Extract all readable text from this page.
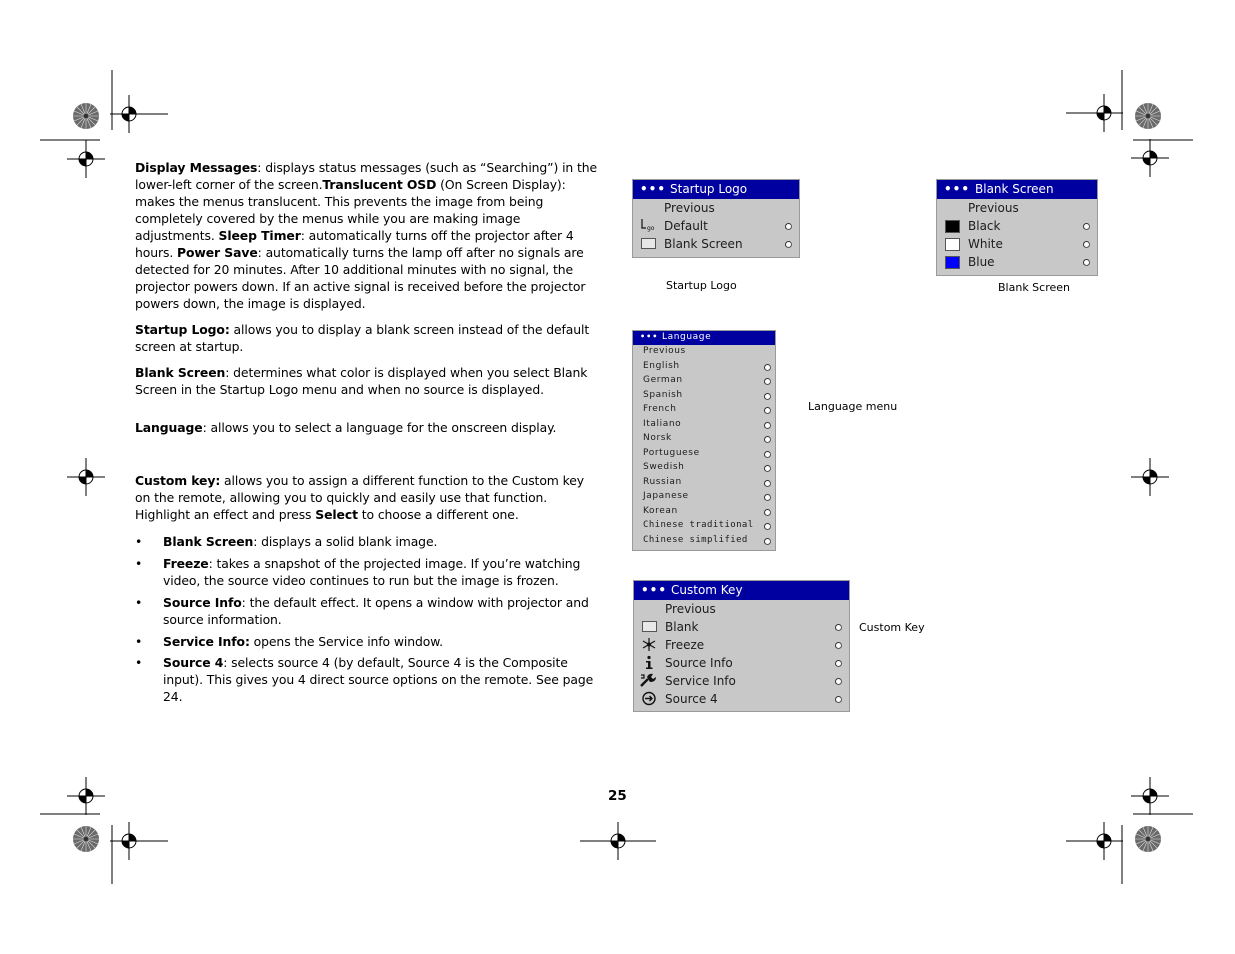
Display Messages: displays status messages (such as “Searching”) in the lower-left corner of the screen.Translucent OSD (On Screen Display): makes the menus translucent. This prevents the image from being completely covered by the menus while you are making image adjustments. Sleep Timer: automatically turns off the projector after 4 hours. Power Save: automatically turns the lamp off after no signals are detected for 20 minutes. After 10 additional minutes with no signal, the projector powers down. If an active signal is received before the projector powers down, the image is displayed.

Startup Logo: allows you to display a blank screen instead of the default screen at startup.

Blank Screen: determines what color is displayed when you select Blank Screen in the Startup Logo menu and when no source is displayed.

Language: allows you to select a language for the onscreen display.

Custom key: allows you to assign a different function to the Custom key on the remote, allowing you to quickly and easily use that function. Highlight an effect and press Select to choose a different one.

• Blank Screen: displays a solid blank image.

• Freeze: takes a snapshot of the projected image. If you’re watching video, the source video continues to run but the image is frozen.

• Source Info: the default effect. It opens a window with projector and source information.

• Service Info: opens the Service info window.

• Source 4: selects source 4 (by default, Source 4 is the Composite input). This gives you 4 direct source options on the remote. See page 24.

••• Startup Logo
Previous
go Default
Blank Screen
Startup Logo
••• Blank Screen
Previous
Black
White
Blue
Blank Screen
••• Language
Previous
English
German
Spanish
French
Italiano
Norsk
Portuguese
Swedish
Russian
Japanese
Korean
Chinese traditional
Chinese simplified
Language menu
••• Custom Key
Previous
Blank
Freeze
Source Info
Service Info
Source 4
Custom Key
25
